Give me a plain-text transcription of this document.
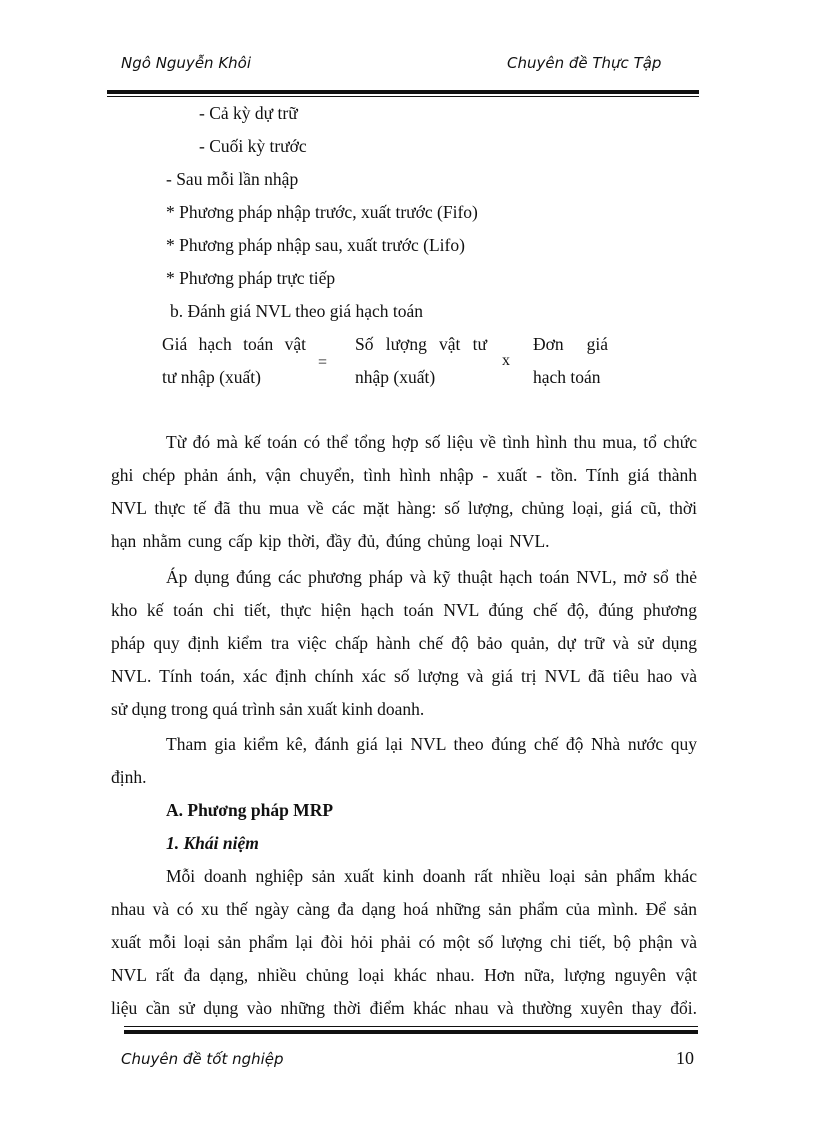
Ngô Nguyễn Khôi	Chuyên đề Thực Tập
- Cả kỳ dự trữ
- Cuối kỳ trước
- Sau mỗi lần nhập
* Phương pháp nhập trước, xuất trước (Fifo)
* Phương pháp nhập sau, xuất trước (Lifo)
* Phương pháp trực tiếp
b. Đánh giá NVL theo giá hạch toán
Giá hạch toán vật
tư nhập (xuất)
=
Số lượng vật tư
nhập (xuất)
x
Đơn giá
hạch toán
Từ đó mà kế toán có thể tổng hợp số liệu về tình hình thu mua, tổ chức
ghi chép phản ánh, vận chuyển, tình hình nhập - xuất - tồn. Tính giá thành
NVL thực tế đã thu mua về các mặt hàng: số lượng, chủng loại, giá cũ, thời
hạn nhằm cung cấp kịp thời, đầy đủ, đúng chủng loại NVL.
Áp dụng đúng các phương pháp và kỹ thuật hạch toán NVL, mở sổ thẻ
kho kế toán chi tiết, thực hiện hạch toán NVL đúng chế độ, đúng phương
pháp quy định kiểm tra việc chấp hành chế độ bảo quản, dự trữ và sử dụng
NVL. Tính toán, xác định chính xác số lượng và giá trị NVL đã tiêu hao và
sử dụng trong quá trình sản xuất kinh doanh.
Tham gia kiểm kê, đánh giá lại NVL theo đúng chế độ Nhà nước quy
định.
A. Phương pháp MRP
1. Khái niệm
Mỗi doanh nghiệp sản xuất kinh doanh rất nhiều loại sản phẩm khác
nhau và có xu thế ngày càng đa dạng hoá những sản phẩm của mình. Để sản
xuất mỗi loại sản phẩm lại đòi hỏi phải có một số lượng chi tiết, bộ phận và
NVL rất đa dạng, nhiều chủng loại khác nhau. Hơn nữa, lượng nguyên vật
liệu cần sử dụng vào những thời điểm khác nhau và thường xuyên thay đổi.
Chuyên đề tốt nghiệp	10
